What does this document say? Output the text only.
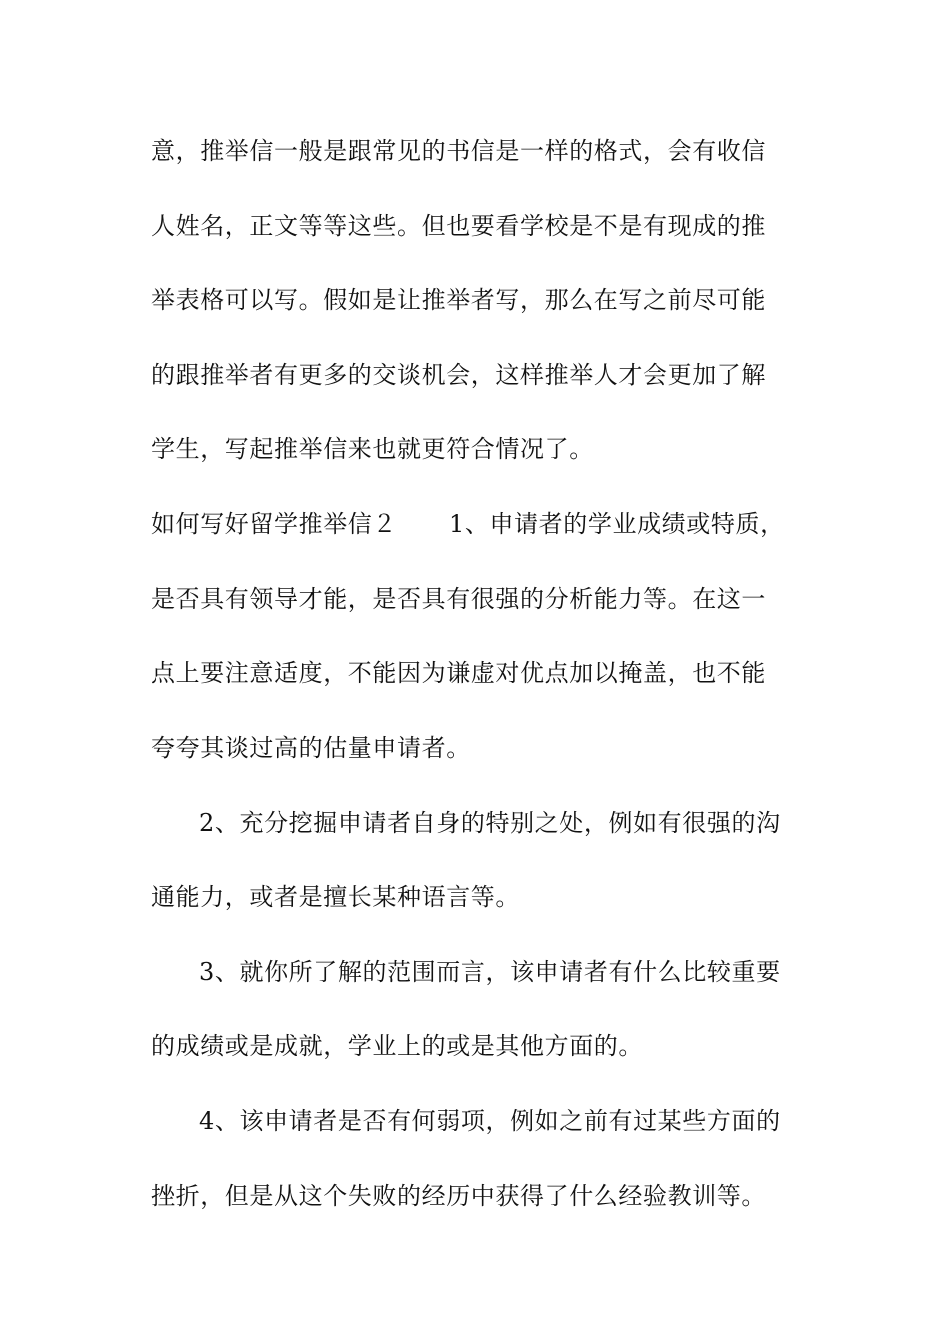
意，推举信一般是跟常见的书信是一样的格式，会有收信
人姓名，正文等等这些。但也要看学校是不是有现成的推
举表格可以写。假如是让推举者写，那么在写之前尽可能
的跟推举者有更多的交谈机会，这样推举人才会更加了解
学生，写起推举信来也就更符合情况了。
如何写好留学推举信２ 1、申请者的学业成绩或特质，
是否具有领导才能，是否具有很强的分析能力等。在这一
点上要注意适度，不能因为谦虚对优点加以掩盖，也不能
夸夸其谈过高的估量申请者。
2、充分挖掘申请者自身的特别之处，例如有很强的沟
通能力，或者是擅长某种语言等。
3、就你所了解的范围而言，该申请者有什么比较重要
的成绩或是成就，学业上的或是其他方面的。
4、该申请者是否有何弱项，例如之前有过某些方面的
挫折，但是从这个失败的经历中获得了什么经验教训等。
